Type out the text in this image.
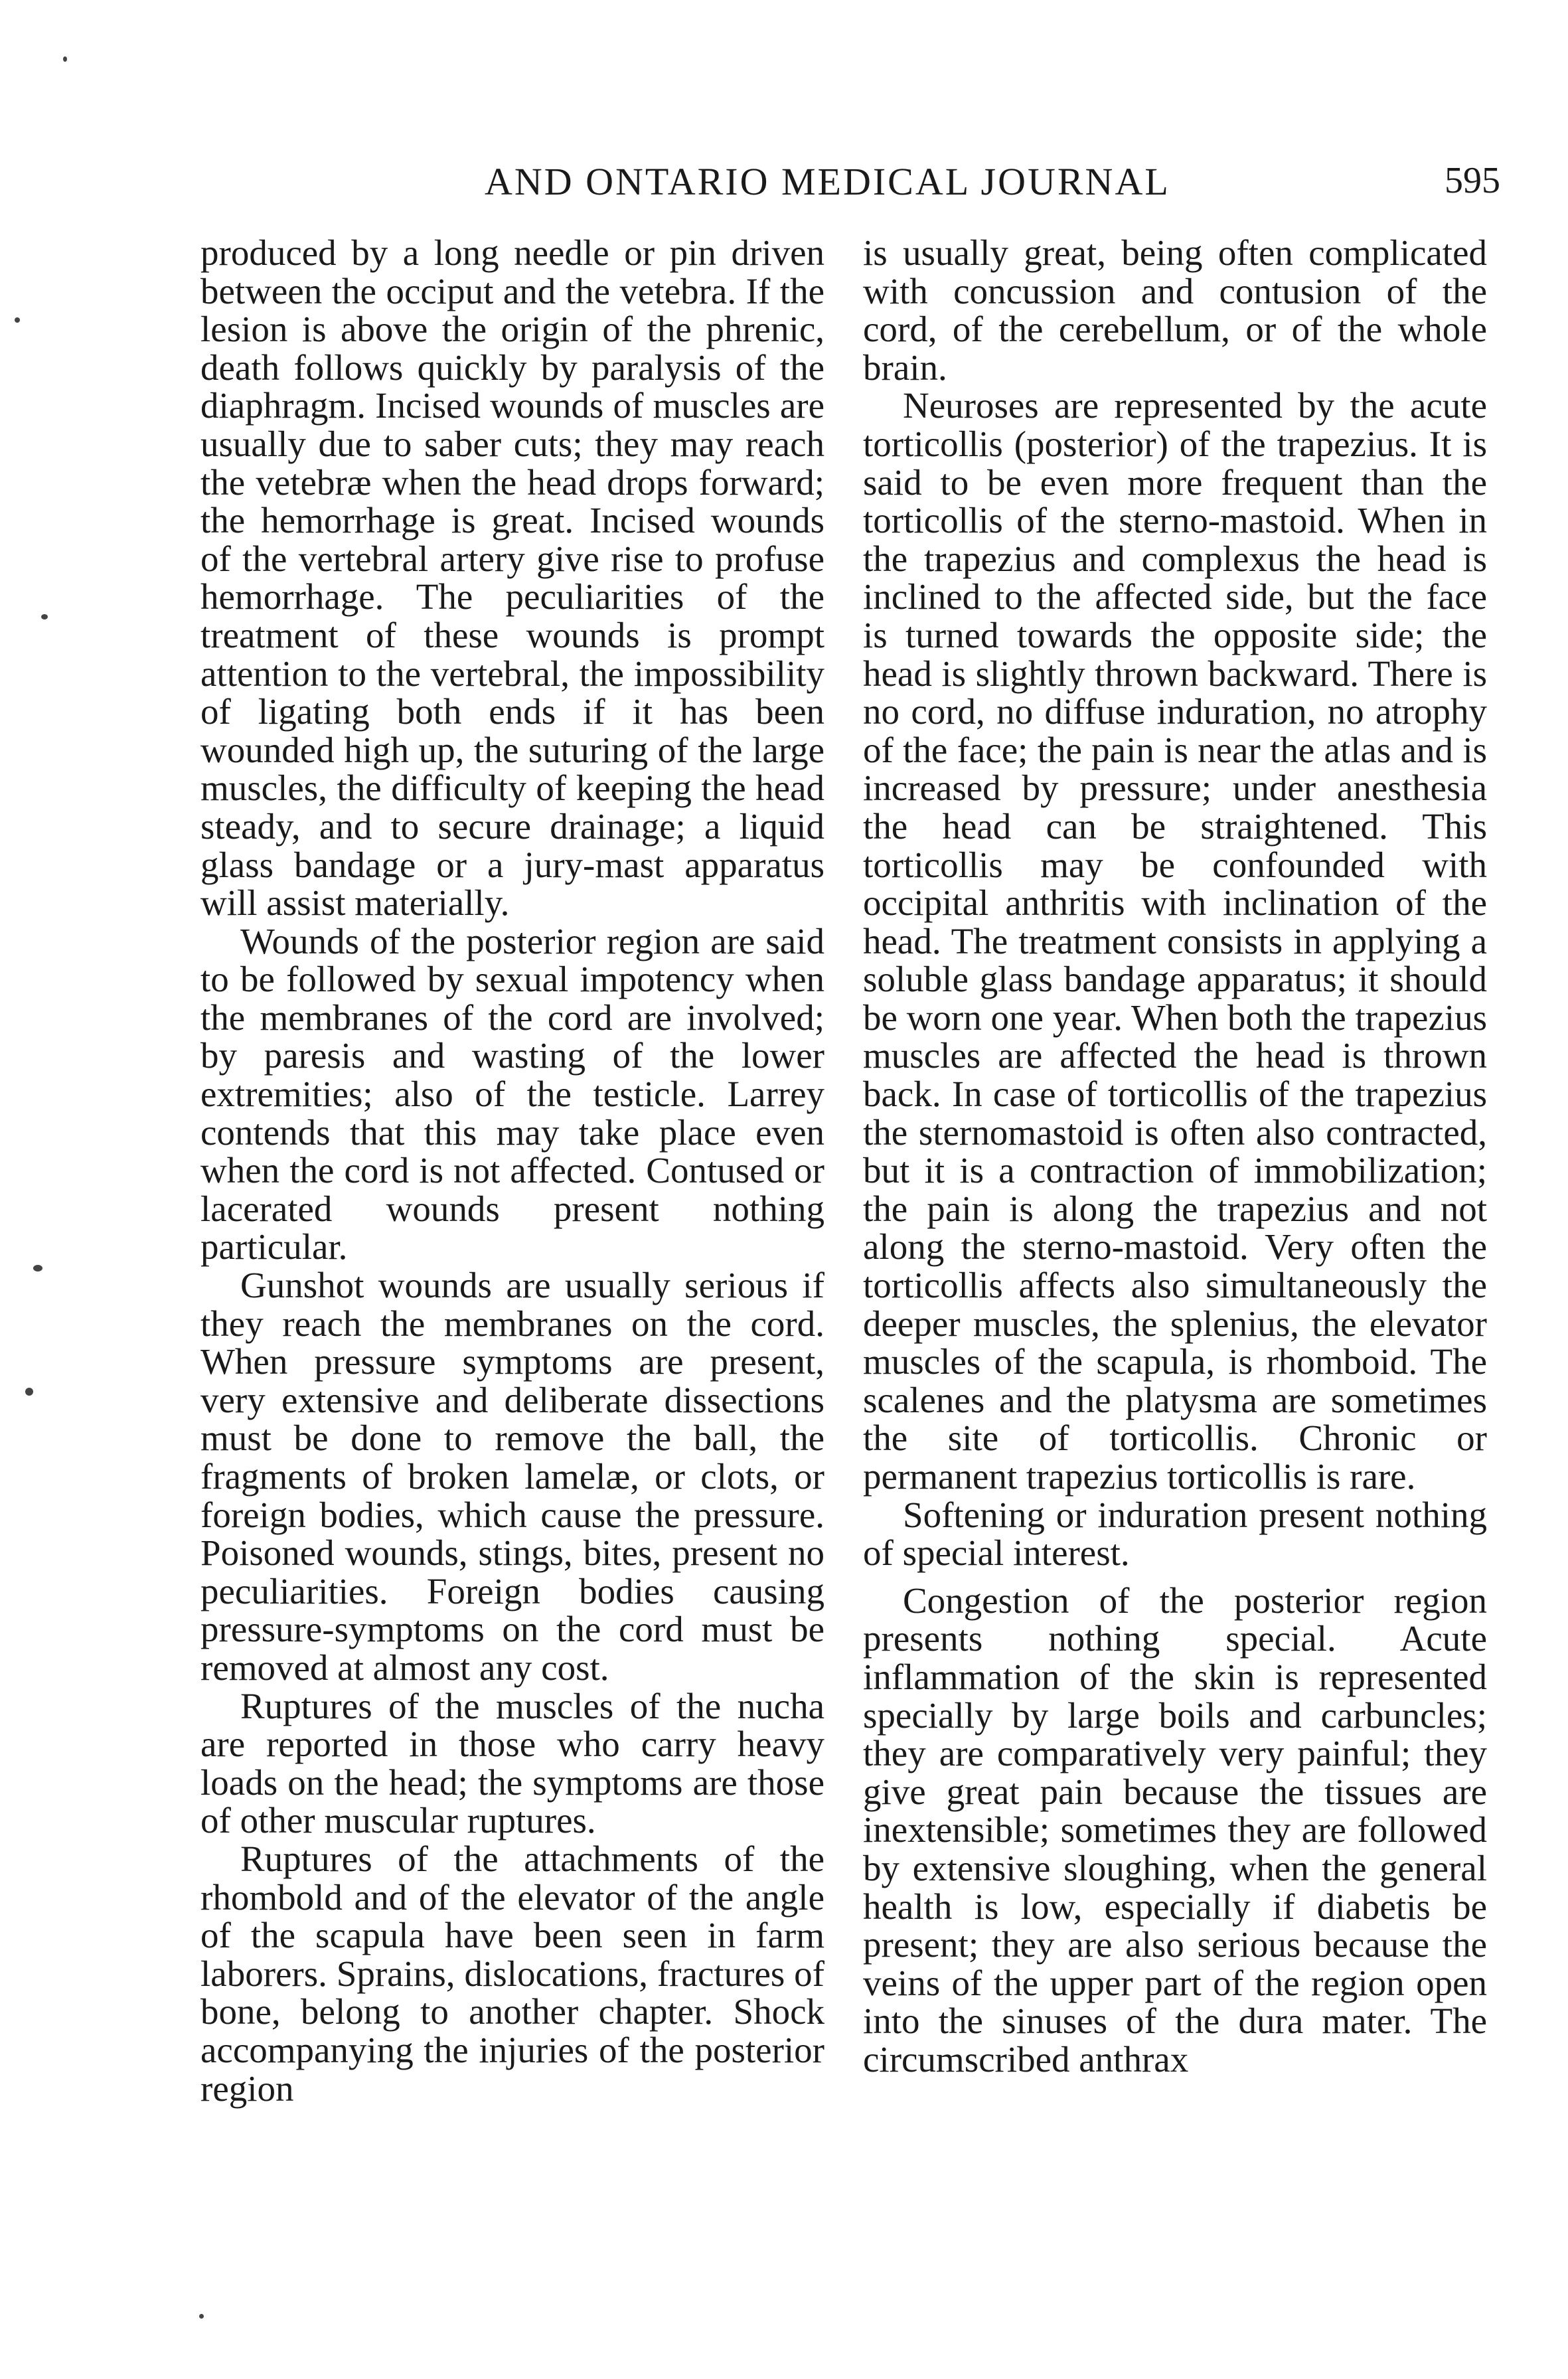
AND ONTARIO MEDICAL JOURNAL	595

produced by a long needle or pin driven between the occiput and the vetebra. If the lesion is above the origin of the phrenic, death follows quickly by paralysis of the diaphragm. Incised wounds of muscles are usually due to saber cuts; they may reach the vetebræ when the head drops forward; the hemorrhage is great. Incised wounds of the vertebral artery give rise to profuse hemorrhage. The peculiarities of the treatment of these wounds is prompt attention to the vertebral, the impossibility of ligating both ends if it has been wounded high up, the suturing of the large muscles, the difficulty of keeping the head steady, and to secure drainage; a liquid glass bandage or a jury-mast apparatus will assist materially.

Wounds of the posterior region are said to be followed by sexual impotency when the membranes of the cord are involved; by paresis and wasting of the lower extremities; also of the testicle. Larrey contends that this may take place even when the cord is not affected. Contused or lacerated wounds present nothing particular.

Gunshot wounds are usually serious if they reach the membranes on the cord. When pressure symptoms are present, very extensive and deliberate dissections must be done to remove the ball, the fragments of broken lamelæ, or clots, or foreign bodies, which cause the pressure. Poisoned wounds, stings, bites, present no peculiarities. Foreign bodies causing pressure-symptoms on the cord must be removed at almost any cost.

Ruptures of the muscles of the nucha are reported in those who carry heavy loads on the head; the symptoms are those of other muscular ruptures.

Ruptures of the attachments of the rhombold and of the elevator of the angle of the scapula have been seen in farm laborers. Sprains, dislocations, fractures of bone, belong to another chapter. Shock accompanying the injuries of the posterior region

is usually great, being often complicated with concussion and contusion of the cord, of the cerebellum, or of the whole brain.

Neuroses are represented by the acute torticollis (posterior) of the trapezius. It is said to be even more frequent than the torticollis of the sterno-mastoid. When in the trapezius and complexus the head is inclined to the affected side, but the face is turned towards the opposite side; the head is slightly thrown backward. There is no cord, no diffuse induration, no atrophy of the face; the pain is near the atlas and is increased by pressure; under anesthesia the head can be straightened. This torticollis may be confounded with occipital anthritis with inclination of the head. The treatment consists in applying a soluble glass bandage apparatus; it should be worn one year. When both the trapezius muscles are affected the head is thrown back. In case of torticollis of the trapezius the sternomastoid is often also contracted, but it is a contraction of immobilization; the pain is along the trapezius and not along the sterno-mastoid. Very often the torticollis affects also simultaneously the deeper muscles, the splenius, the elevator muscles of the scapula, is rhomboid. The scalenes and the platysma are sometimes the site of torticollis. Chronic or permanent trapezius torticollis is rare.

Softening or induration present nothing of special interest.

Congestion of the posterior region presents nothing special. Acute inflammation of the skin is represented specially by large boils and carbuncles; they are comparatively very painful; they give great pain because the tissues are inextensible; sometimes they are followed by extensive sloughing, when the general health is low, especially if diabetis be present; they are also serious because the veins of the upper part of the region open into the sinuses of the dura mater. The circumscribed anthrax
